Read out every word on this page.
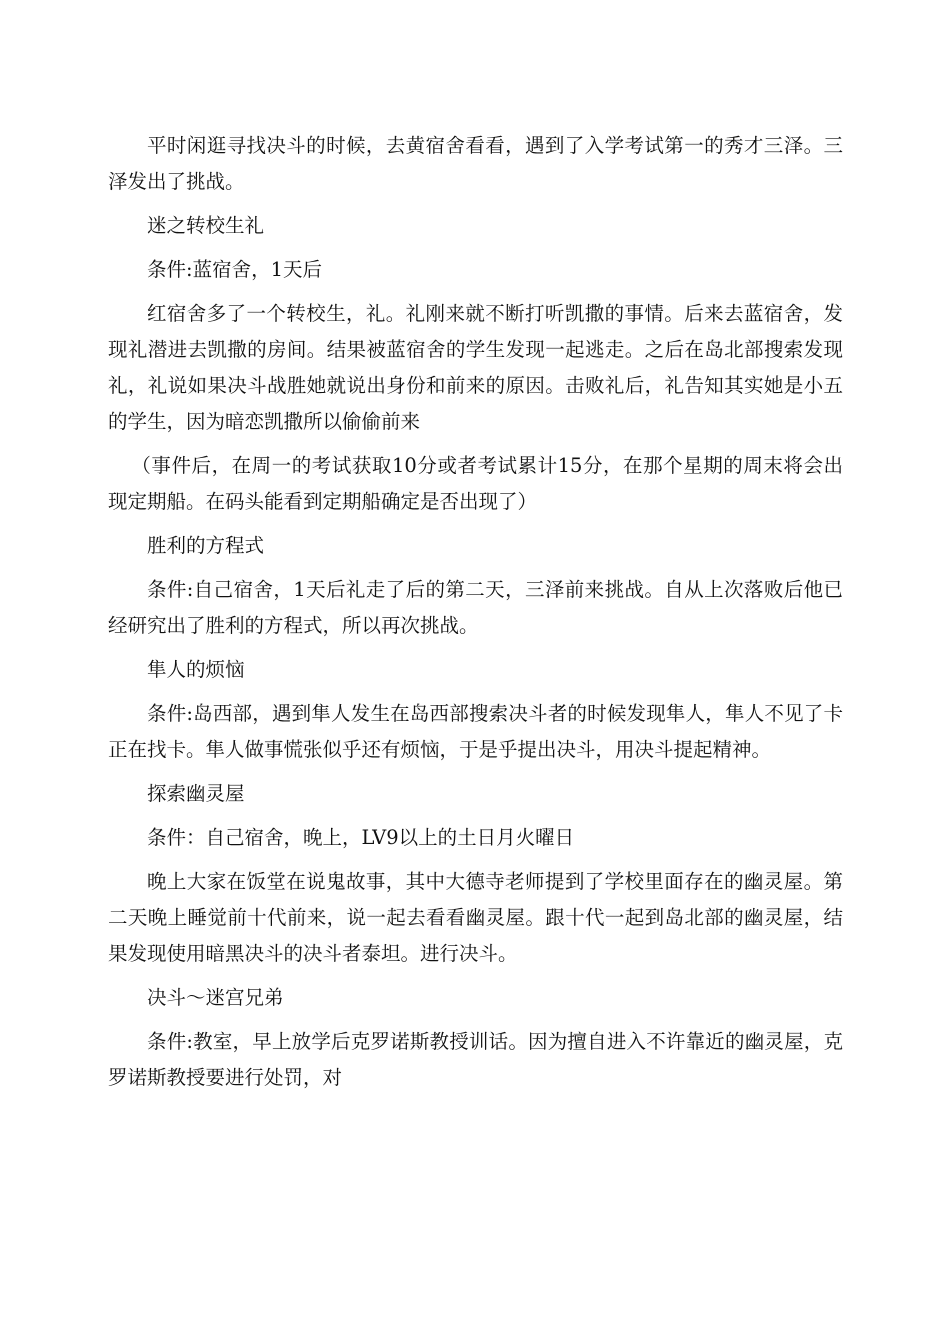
平时闲逛寻找决斗的时候，去黄宿舍看看，遇到了入学考试第一的秀才三泽。三泽发出了挑战。

迷之转校生礼

条件:蓝宿舍，1天后

红宿舍多了一个转校生，礼。礼刚来就不断打听凯撒的事情。后来去蓝宿舍，发现礼潜进去凯撒的房间。结果被蓝宿舍的学生发现一起逃走。之后在岛北部搜索发现礼，礼说如果决斗战胜她就说出身份和前来的原因。击败礼后，礼告知其实她是小五的学生，因为暗恋凯撒所以偷偷前来

（事件后，在周一的考试获取10分或者考试累计15分，在那个星期的周末将会出现定期船。在码头能看到定期船确定是否出现了）

胜利的方程式

条件:自己宿舍，1天后礼走了后的第二天，三泽前来挑战。自从上次落败后他已经研究出了胜利的方程式，所以再次挑战。

隼人的烦恼

条件:岛西部，遇到隼人发生在岛西部搜索决斗者的时候发现隼人，隼人不见了卡正在找卡。隼人做事慌张似乎还有烦恼，于是乎提出决斗，用决斗提起精神。

探索幽灵屋

条件：自己宿舍，晚上，LV9以上的土日月火曜日

晚上大家在饭堂在说鬼故事，其中大德寺老师提到了学校里面存在的幽灵屋。第二天晚上睡觉前十代前来，说一起去看看幽灵屋。跟十代一起到岛北部的幽灵屋，结果发现使用暗黑决斗的决斗者泰坦。进行决斗。

决斗〜迷宫兄弟

条件:教室，早上放学后克罗诺斯教授训话。因为擅自进入不许靠近的幽灵屋，克罗诺斯教授要进行处罚，对
